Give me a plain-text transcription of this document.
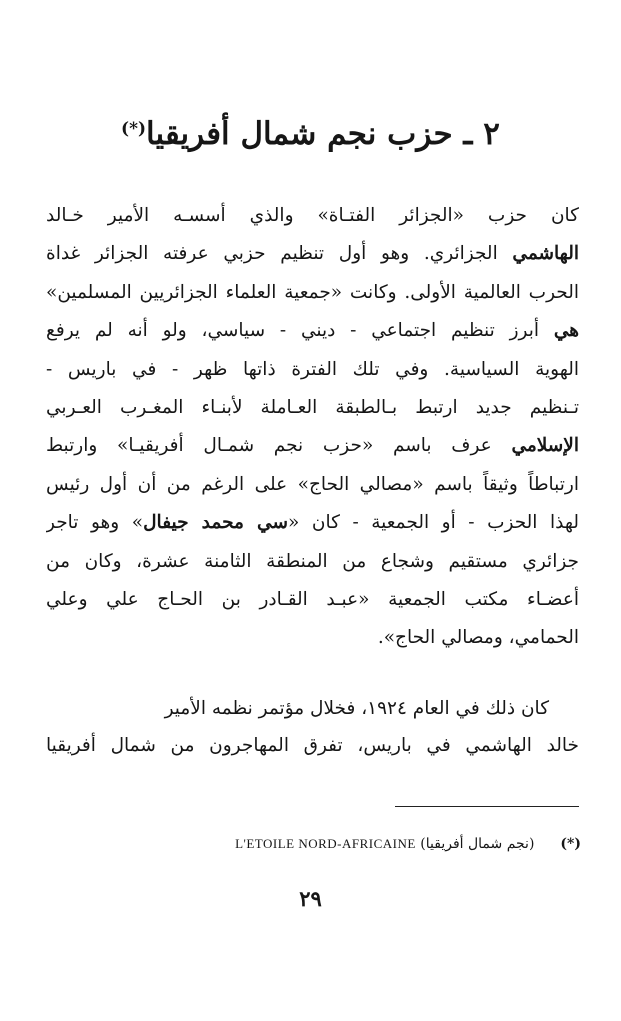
٢ ـ حزب نجم شمال أفريقيا(*)
كان حزب «الجزائر الفتـاة» والذي أسسـه الأمير خـالد
الهاشمي الجزائري. وهو أول تنظيم حزبي عرفته الجزائر غداة
الحرب العالمية الأولى. وكانت «جمعية العلماء الجزائريين المسلمين»
هي أبرز تنظيم اجتماعي - ديني - سياسي، ولو أنه لم يرفع
الهوية السياسية. وفي تلك الفترة ذاتها ظهر - في باريس -
تـنظيم جديد ارتبط بـالطبقة العـاملة لأبنـاء المغـرب العـربي
الإسلامي عرف باسم «حزب نجم شمـال أفريقيـا» وارتبط
ارتباطاً وثيقاً باسم «مصالي الحاج» على الرغم من أن أول رئيس
لهذا الحزب - أو الجمعية - كان «سي محمد جيفال» وهو تاجر
جزائري مستقيم وشجاع من المنطقة الثامنة عشرة، وكان من
أعضـاء مكتب الجمعية «عبـد القـادر بن الحـاج علي وعلي
الحمامي، ومصالي الحاج».
كان ذلك في العام ١٩٢٤، فخلال مؤتمر نظمه الأمير
خالد الهاشمي في باريس، تفرق المهاجرون من شمال أفريقيا
(*)(نجم شمال أفريقيا) L'ETOILE NORD-AFRICAINE
٢٩
